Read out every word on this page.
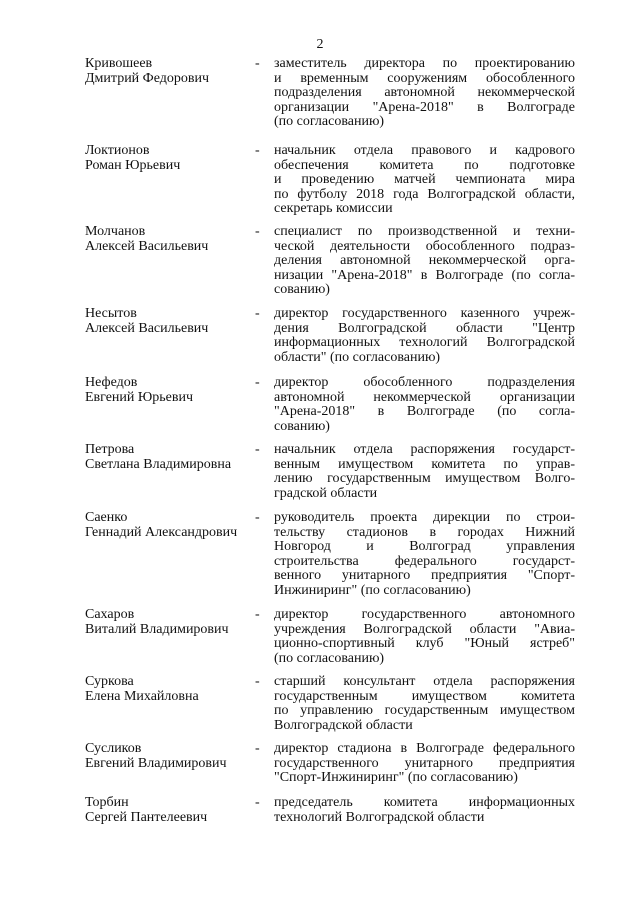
2
Кривошеев
Дмитрий Федорович
- заместитель директора по проектированию
и временным сооружениям обособленного
подразделения автономной некоммерческой
организации "Арена-2018" в Волгограде
(по согласованию)
Локтионов
Роман Юрьевич
- начальник отдела правового и кадрового
обеспечения комитета по подготовке
и проведению матчей чемпионата мира
по футболу 2018 года Волгоградской области,
секретарь комиссии
Молчанов
Алексей Васильевич
- специалист по производственной и техни-
ческой деятельности обособленного подраз-
деления автономной некоммерческой орга-
низации "Арена-2018" в Волгограде (по согла-
сованию)
Несытов
Алексей Васильевич
- директор государственного казенного учреж-
дения Волгоградской области "Центр
информационных технологий Волгоградской
области" (по согласованию)
Нефедов
Евгений Юрьевич
- директор обособленного подразделения
автономной некоммерческой организации
"Арена-2018" в Волгограде (по согла-
сованию)
Петрова
Светлана Владимировна
- начальник отдела распоряжения государст-
венным имуществом комитета по управ-
лению государственным имуществом Волго-
градской области
Саенко
Геннадий Александрович
- руководитель проекта дирекции по строи-
тельству стадионов в городах Нижний
Новгород и Волгоград управления
строительства федерального государст-
венного унитарного предприятия "Спорт-
Инжиниринг" (по согласованию)
Сахаров
Виталий Владимирович
- директор государственного автономного
учреждения Волгоградской области "Авиа-
ционно-спортивный клуб "Юный ястреб"
(по согласованию)
Суркова
Елена Михайловна
- старший консультант отдела распоряжения
государственным имуществом комитета
по управлению государственным имуществом
Волгоградской области
Сусликов
Евгений Владимирович
- директор стадиона в Волгограде федерального
государственного унитарного предприятия
"Спорт-Инжиниринг" (по согласованию)
Торбин
Сергей Пантелеевич
- председатель комитета информационных
технологий Волгоградской области
